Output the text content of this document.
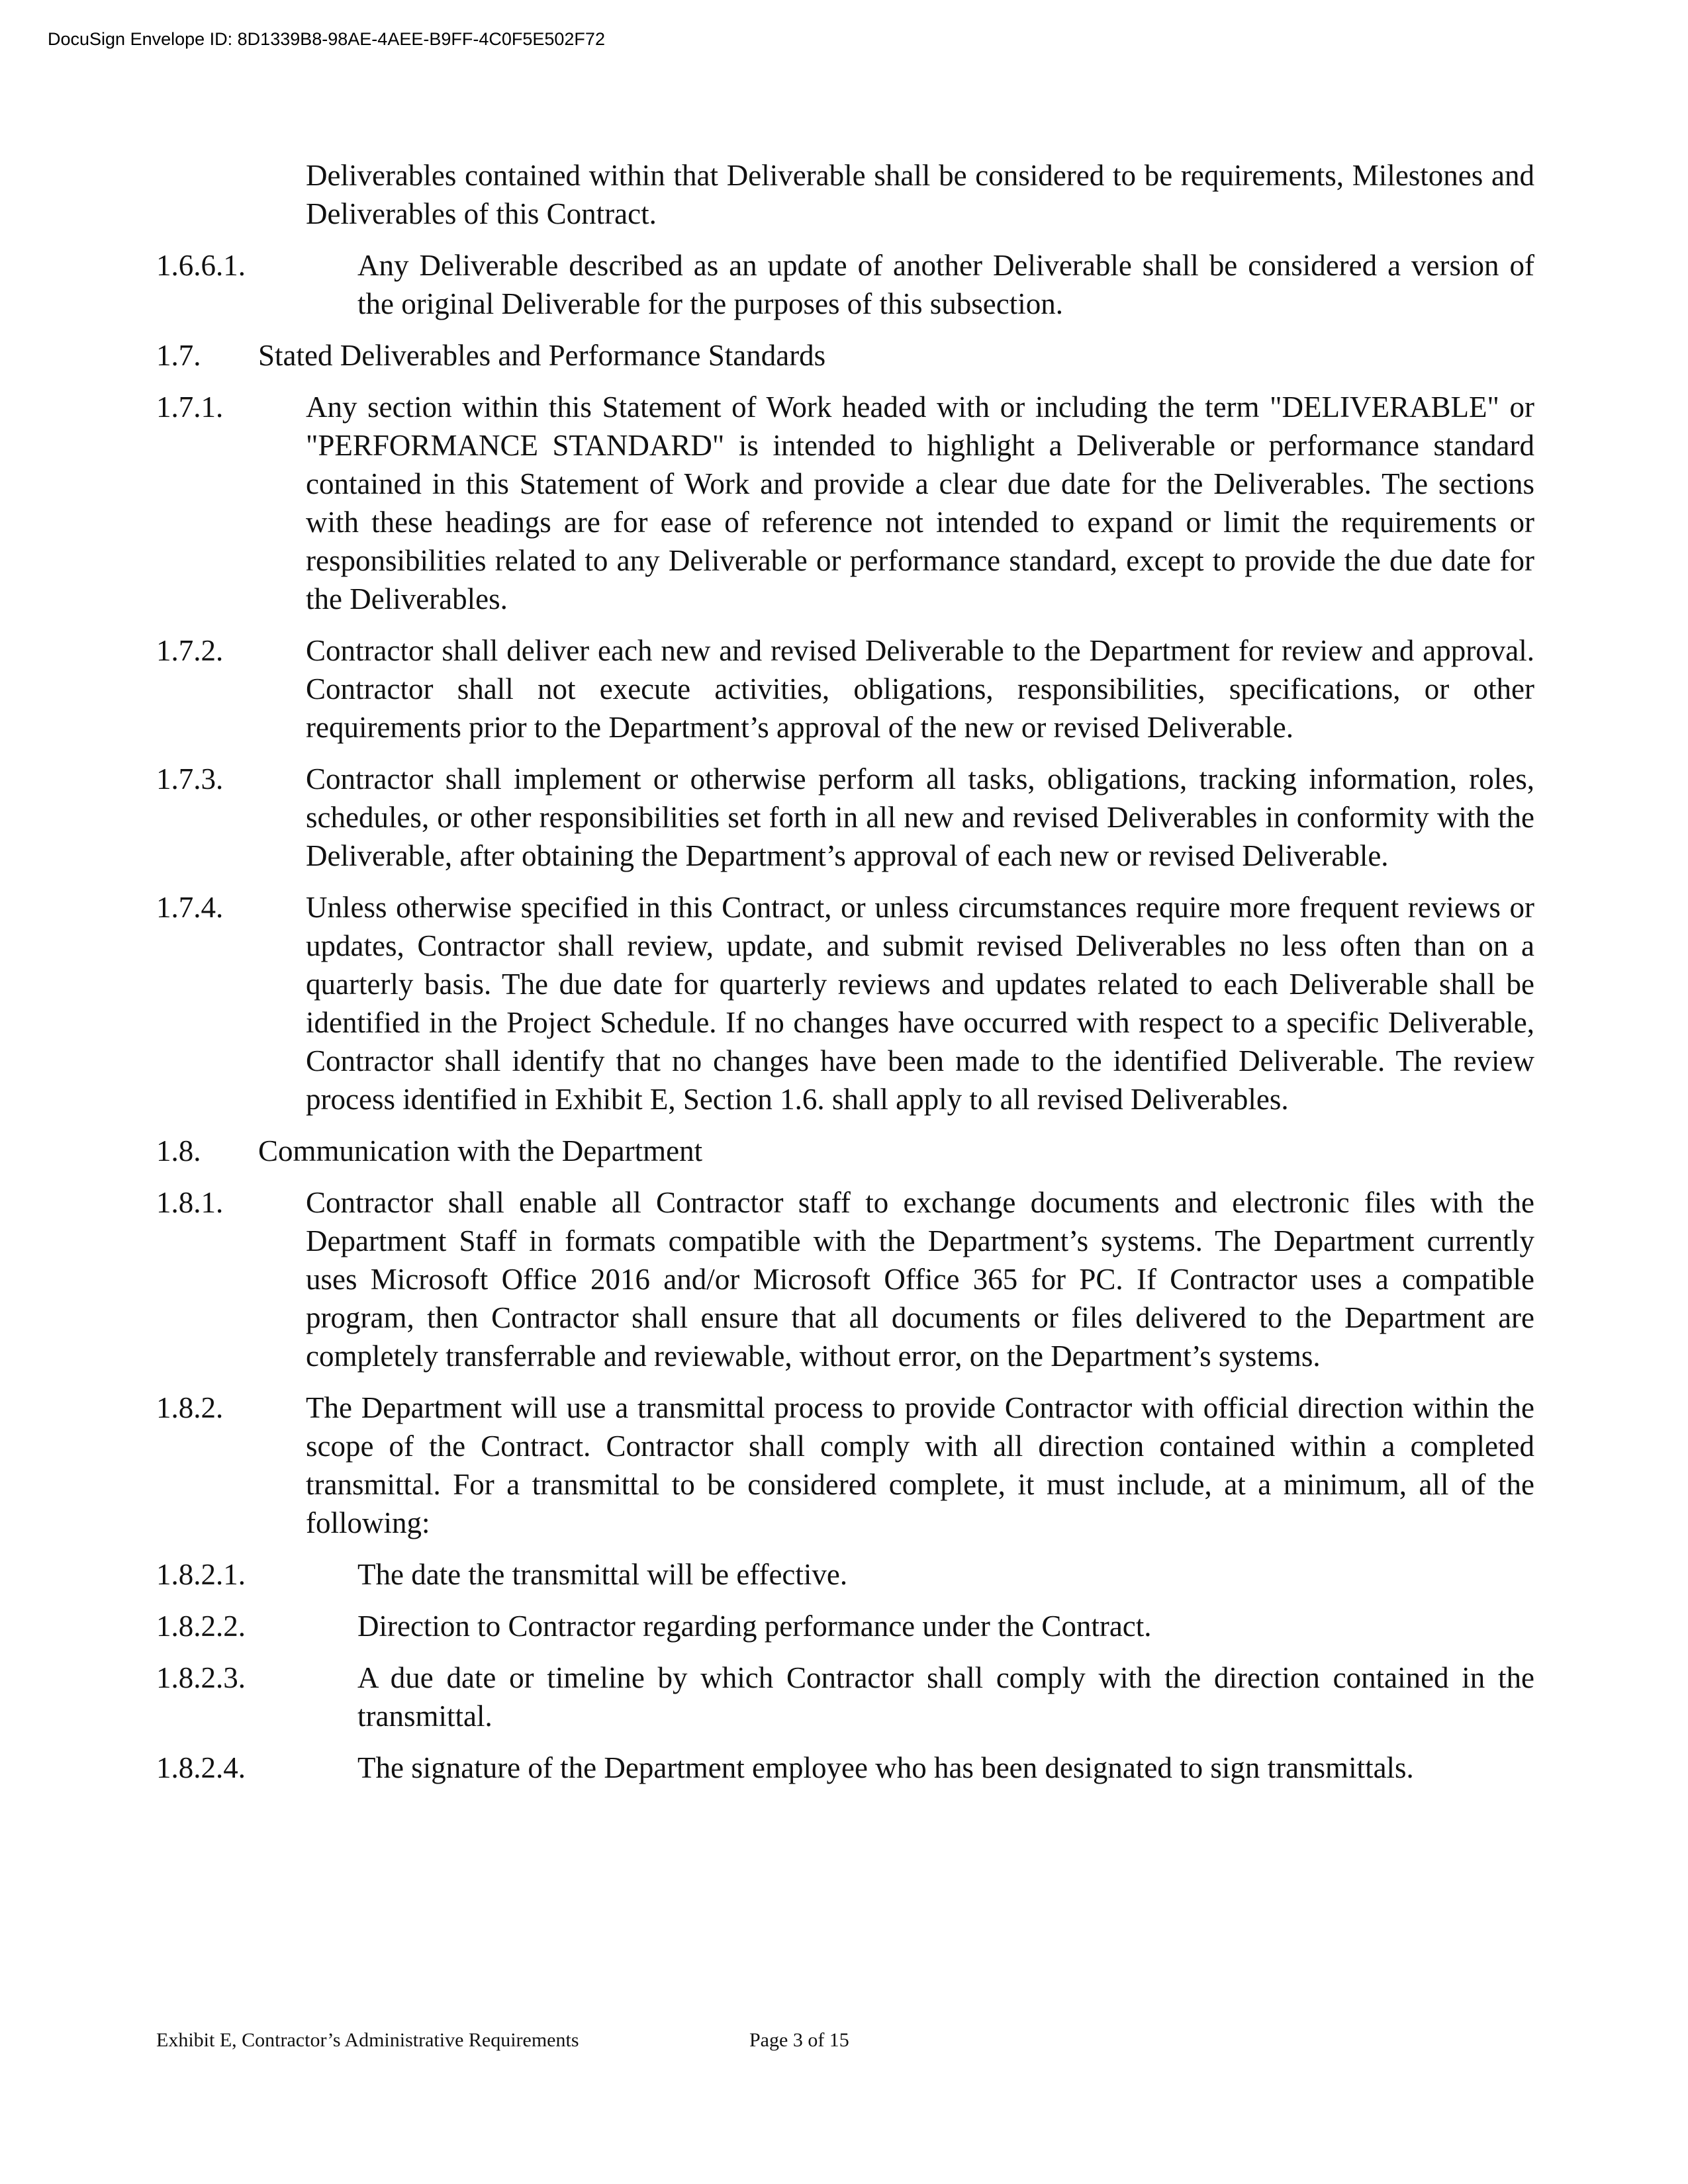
DocuSign Envelope ID: 8D1339B8-98AE-4AEE-B9FF-4C0F5E502F72
Deliverables contained within that Deliverable shall be considered to be requirements, Milestones and Deliverables of this Contract.
1.6.6.1.	Any Deliverable described as an update of another Deliverable shall be considered a version of the original Deliverable for the purposes of this subsection.
1.7. Stated Deliverables and Performance Standards
1.7.1.	Any section within this Statement of Work headed with or including the term "DELIVERABLE" or "PERFORMANCE STANDARD" is intended to highlight a Deliverable or performance standard contained in this Statement of Work and provide a clear due date for the Deliverables. The sections with these headings are for ease of reference not intended to expand or limit the requirements or responsibilities related to any Deliverable or performance standard, except to provide the due date for the Deliverables.
1.7.2.	Contractor shall deliver each new and revised Deliverable to the Department for review and approval. Contractor shall not execute activities, obligations, responsibilities, specifications, or other requirements prior to the Department’s approval of the new or revised Deliverable.
1.7.3.	Contractor shall implement or otherwise perform all tasks, obligations, tracking information, roles, schedules, or other responsibilities set forth in all new and revised Deliverables in conformity with the Deliverable, after obtaining the Department’s approval of each new or revised Deliverable.
1.7.4.	Unless otherwise specified in this Contract, or unless circumstances require more frequent reviews or updates, Contractor shall review, update, and submit revised Deliverables no less often than on a quarterly basis. The due date for quarterly reviews and updates related to each Deliverable shall be identified in the Project Schedule. If no changes have occurred with respect to a specific Deliverable, Contractor shall identify that no changes have been made to the identified Deliverable. The review process identified in Exhibit E, Section 1.6. shall apply to all revised Deliverables.
1.8. Communication with the Department
1.8.1.	Contractor shall enable all Contractor staff to exchange documents and electronic files with the Department Staff in formats compatible with the Department’s systems. The Department currently uses Microsoft Office 2016 and/or Microsoft Office 365 for PC. If Contractor uses a compatible program, then Contractor shall ensure that all documents or files delivered to the Department are completely transferrable and reviewable, without error, on the Department’s systems.
1.8.2.	The Department will use a transmittal process to provide Contractor with official direction within the scope of the Contract. Contractor shall comply with all direction contained within a completed transmittal. For a transmittal to be considered complete, it must include, at a minimum, all of the following:
1.8.2.1.	The date the transmittal will be effective.
1.8.2.2.	Direction to Contractor regarding performance under the Contract.
1.8.2.3.	A due date or timeline by which Contractor shall comply with the direction contained in the transmittal.
1.8.2.4.	The signature of the Department employee who has been designated to sign transmittals.
Exhibit E, Contractor’s Administrative Requirements	Page 3 of 15
